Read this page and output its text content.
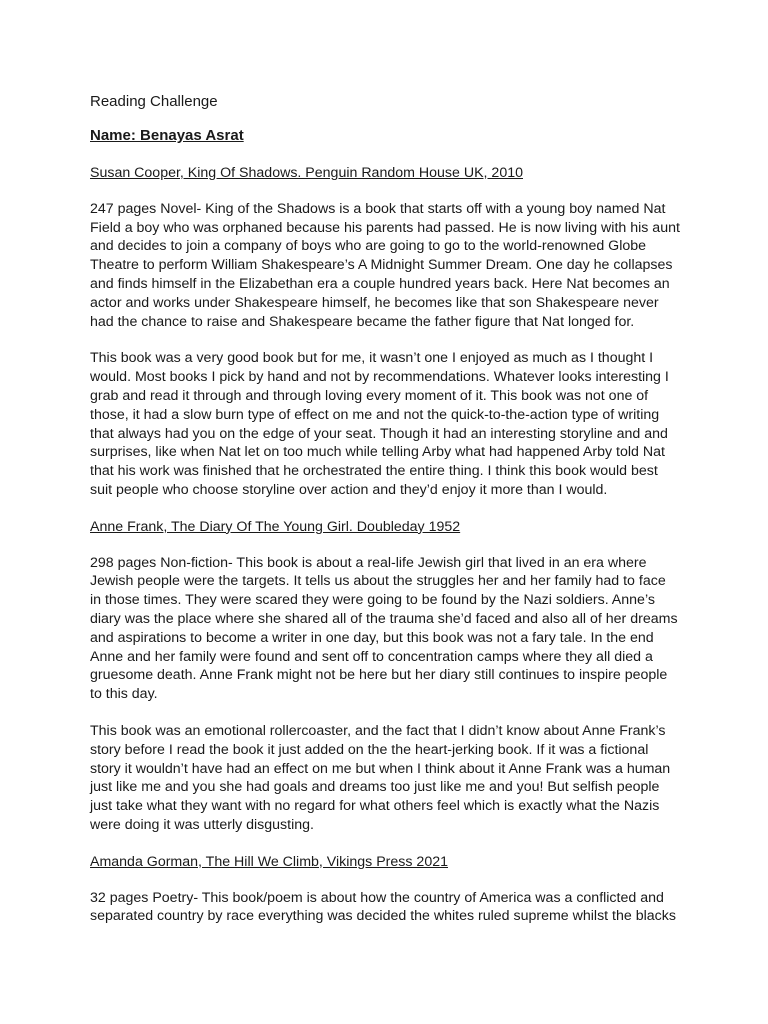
Reading Challenge
Name: Benayas Asrat
Susan Cooper, King Of Shadows. Penguin Random House UK, 2010

247 pages Novel- King of the Shadows is a book that starts off with a young boy named Nat Field a boy who was orphaned because his parents had passed. He is now living with his aunt and decides to join a company of boys who are going to go to the world-renowned Globe Theatre to perform William Shakespeare’s A Midnight Summer Dream. One day he collapses and finds himself in the Elizabethan era a couple hundred years back. Here Nat becomes an actor and works under Shakespeare himself, he becomes like that son Shakespeare never had the chance to raise and Shakespeare became the father figure that Nat longed for.

This book was a very good book but for me, it wasn’t one I enjoyed as much as I thought I would. Most books I pick by hand and not by recommendations. Whatever looks interesting I grab and read it through and through loving every moment of it. This book was not one of those, it had a slow burn type of effect on me and not the quick-to-the-action type of writing that always had you on the edge of your seat. Though it had an interesting storyline and and surprises, like when Nat let on too much while telling Arby what had happened Arby told Nat that his work was finished that he orchestrated the entire thing. I think this book would best suit people who choose storyline over action and they’d enjoy it more than I would.

Anne Frank, The Diary Of The Young Girl. Doubleday 1952

298 pages Non-fiction- This book is about a real-life Jewish girl that lived in an era where Jewish people were the targets. It tells us about the struggles her and her family had to face in those times. They were scared they were going to be found by the Nazi soldiers. Anne’s diary was the place where she shared all of the trauma she’d faced and also all of her dreams and aspirations to become a writer in one day, but this book was not a fary tale. In the end Anne and her family were found and sent off to concentration camps where they all died a gruesome death. Anne Frank might not be here but her diary still continues to inspire people to this day.

This book was an emotional rollercoaster, and the fact that I didn’t know about Anne Frank’s story before I read the book it just added on the the heart-jerking book. If it was a fictional story it wouldn’t have had an effect on me but when I think about it Anne Frank was a human just like me and you she had goals and dreams too just like me and you! But selfish people just take what they want with no regard for what others feel which is exactly what the Nazis were doing it was utterly disgusting.

Amanda Gorman, The Hill We Climb, Vikings Press 2021

32 pages Poetry- This book/poem is about how the country of America was a conflicted and separated country by race everything was decided the whites ruled supreme whilst the blacks
